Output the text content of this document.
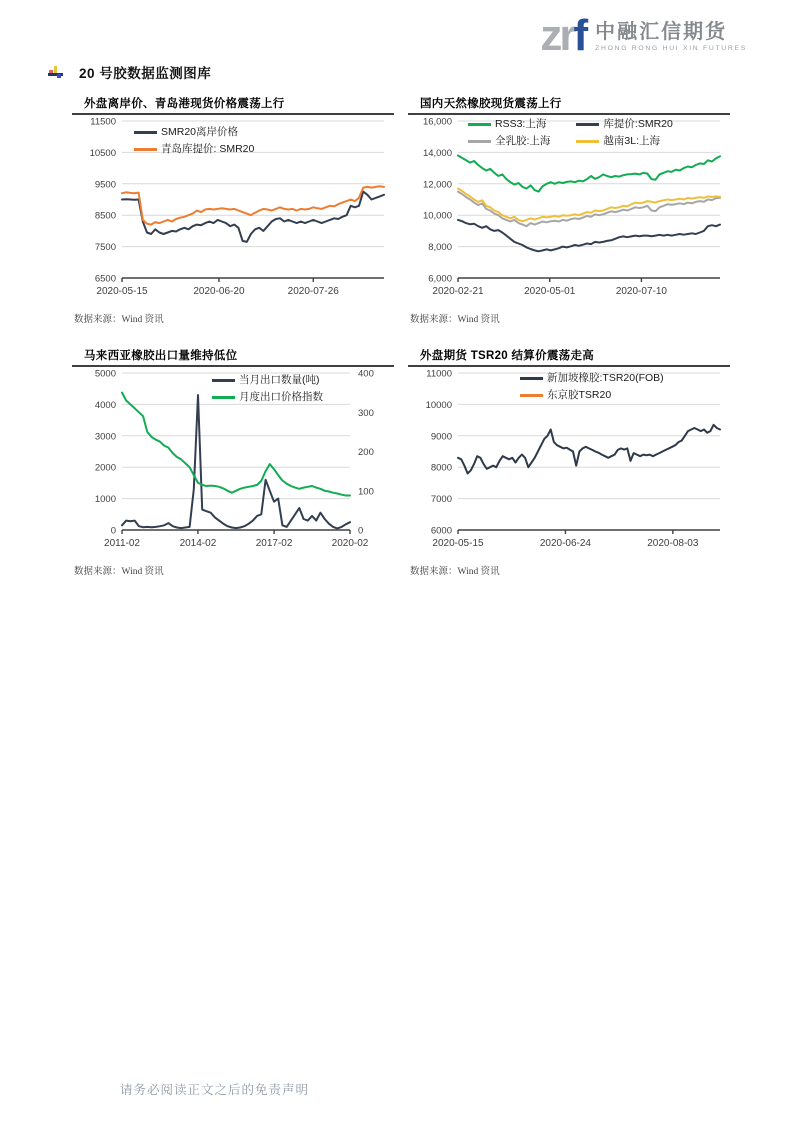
zrf 中融汇信期货
ZHONG RONG HUI XIN FUTURES
20 号胶数据监测图库
外盘离岸价、青岛港现货价格震荡上行
6500
7500
8500
9500
10500
11500
2020-05-15	2020-06-20	2020-07-26
SMR20离岸价格
青岛库提价: SMR20
数据来源：Wind 资讯
国内天然橡胶现货震荡上行
6,000
8,000
10,000
12,000
14,000
16,000
2020-02-21	2020-05-01	2020-07-10
RSS3:上海	库提价:SMR20
全乳胶:上海	越南3L:上海
数据来源：Wind 资讯
马来西亚橡胶出口量维持低位
0
1000
2000
3000
4000
5000
0
100
200
300
400
2011-02	2014-02	2017-02	2020-02
当月出口数量(吨)
月度出口价格指数
数据来源：Wind 资讯
外盘期货 TSR20 结算价震荡走高
6000
7000
8000
9000
10000
11000
2020-05-15	2020-06-24	2020-08-03
新加坡橡胶:TSR20(FOB)
东京胶TSR20
数据来源：Wind 资讯
请务必阅读正文之后的免责声明
